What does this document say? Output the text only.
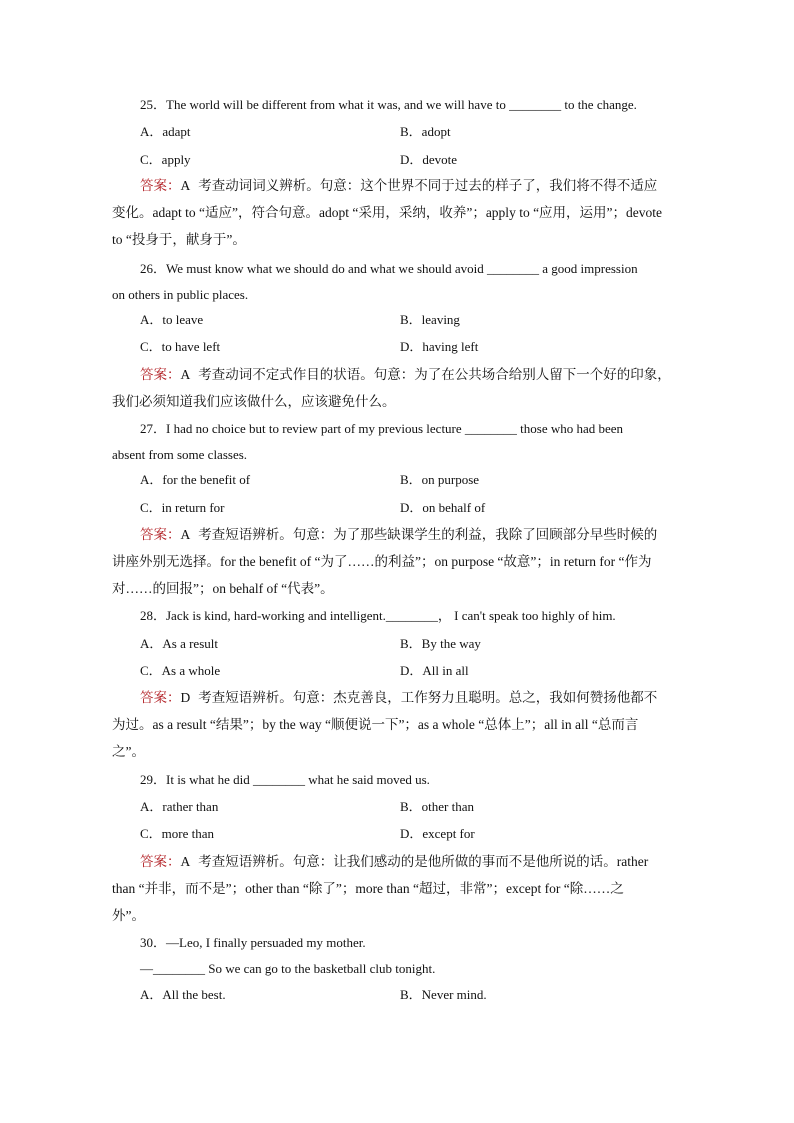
25．The world will be different from what it was, and we will have to ________ to the change.
A．adapt	B．adopt
C．apply	D．devote
答案：A 考查动词词义辨析。句意：这个世界不同于过去的样子了，我们将不得不适应
变化。adapt to “适应”，符合句意。adopt “采用，采纳，收养”；apply to “应用，运用”；devote
to “投身于，献身于”。
26．We must know what we should do and what we should avoid ________ a good impression
on others in public places.
A．to leave	B．leaving
C．to have left	D．having left
答案：A 考查动词不定式作目的状语。句意：为了在公共场合给别人留下一个好的印象，
我们必须知道我们应该做什么，应该避免什么。
27．I had no choice but to review part of my previous lecture ________ those who had been
absent from some classes.
A．for the benefit of	B．on purpose
C．in return for	D．on behalf of
答案：A 考查短语辨析。句意：为了那些缺课学生的利益，我除了回顾部分早些时候的
讲座外别无选择。for the benefit of “为了……的利益”；on purpose “故意”；in return for “作为
对……的回报”；on behalf of “代表”。
28．Jack is kind, hard-working and intelligent.________， I can't speak too highly of him.
A．As a result	B．By the way
C．As a whole	D．All in all
答案：D 考查短语辨析。句意：杰克善良，工作努力且聪明。总之，我如何赞扬他都不
为过。as a result “结果”；by the way “顺便说一下”；as a whole “总体上”；all in all “总而言
之”。
29．It is what he did ________ what he said moved us.
A．rather than	B．other than
C．more than	D．except for
答案：A 考查短语辨析。句意：让我们感动的是他所做的事而不是他所说的话。rather
than “并非，而不是”；other than “除了”；more than “超过，非常”；except for “除……之
外”。
30．—Leo, I finally persuaded my mother.
—________ So we can go to the basketball club tonight.
A．All the best.	B．Never mind.
